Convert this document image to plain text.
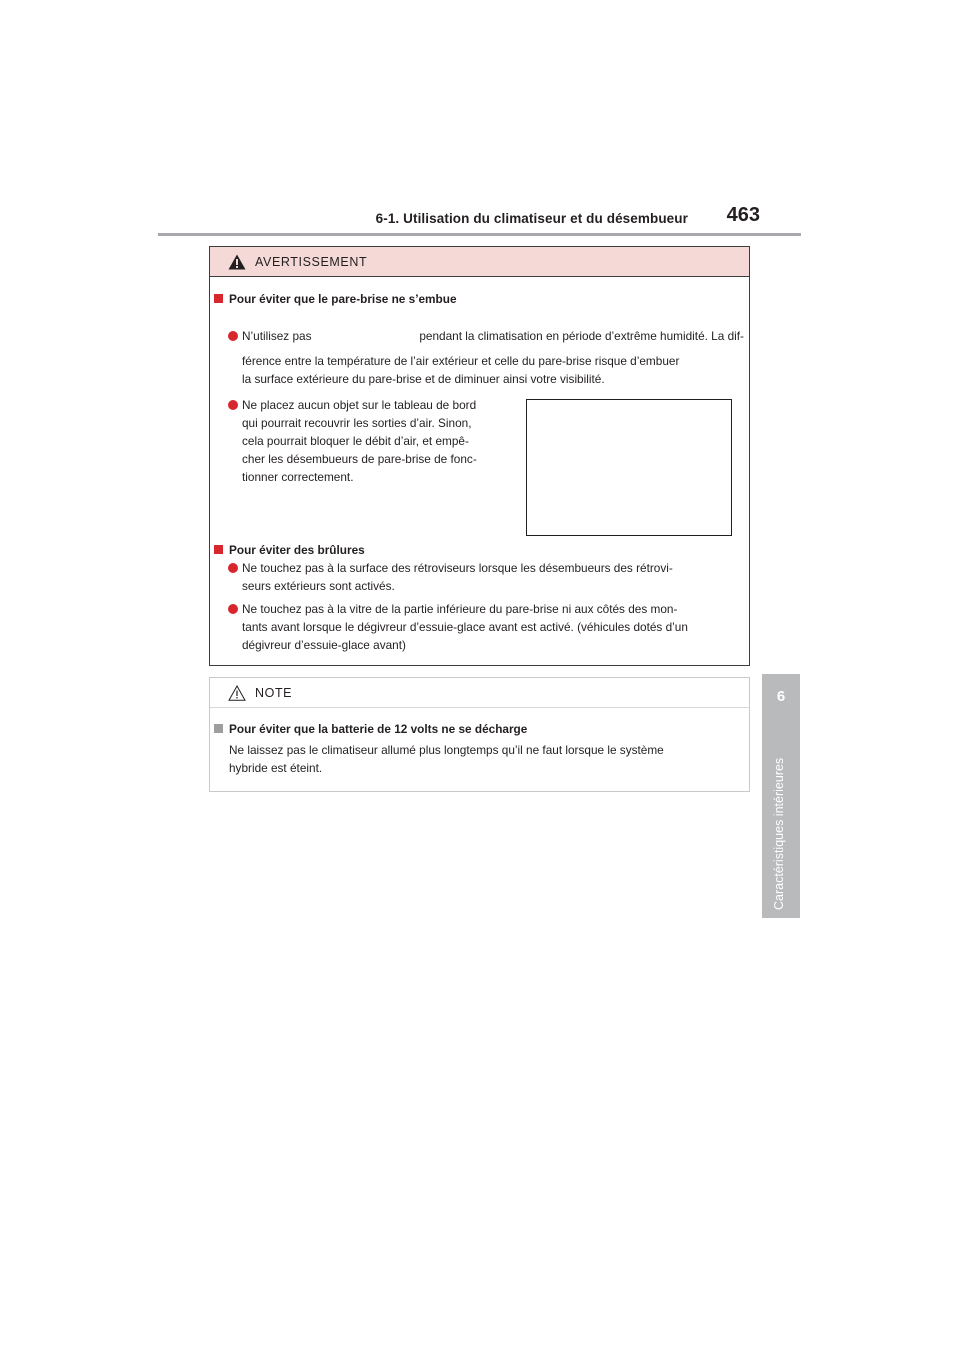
6-1. Utilisation du climatiseur et du désembueur 463
6
Caractéristiques intérieures
AVERTISSEMENT
Pour éviter que le pare-brise ne s’embue
N’utilisez pas	pendant la climatisation en période d’extrême humidité. La dif-
férence entre la température de l’air extérieur et celle du pare-brise risque d’embuer
la surface extérieure du pare-brise et de diminuer ainsi votre visibilité.
Ne placez aucun objet sur le tableau de bord
qui pourrait recouvrir les sorties d’air. Sinon,
cela pourrait bloquer le débit d’air, et empê-
cher les désembueurs de pare-brise de fonc-
tionner correctement.
Pour éviter des brûlures
Ne touchez pas à la surface des rétroviseurs lorsque les désembueurs des rétrovi-
seurs extérieurs sont activés.
Ne touchez pas à la vitre de la partie inférieure du pare-brise ni aux côtés des mon-
tants avant lorsque le dégivreur d’essuie-glace avant est activé. (véhicules dotés d’un
dégivreur d’essuie-glace avant)
NOTE
Pour éviter que la batterie de 12 volts ne se décharge
Ne laissez pas le climatiseur allumé plus longtemps qu’il ne faut lorsque le système
hybride est éteint.
